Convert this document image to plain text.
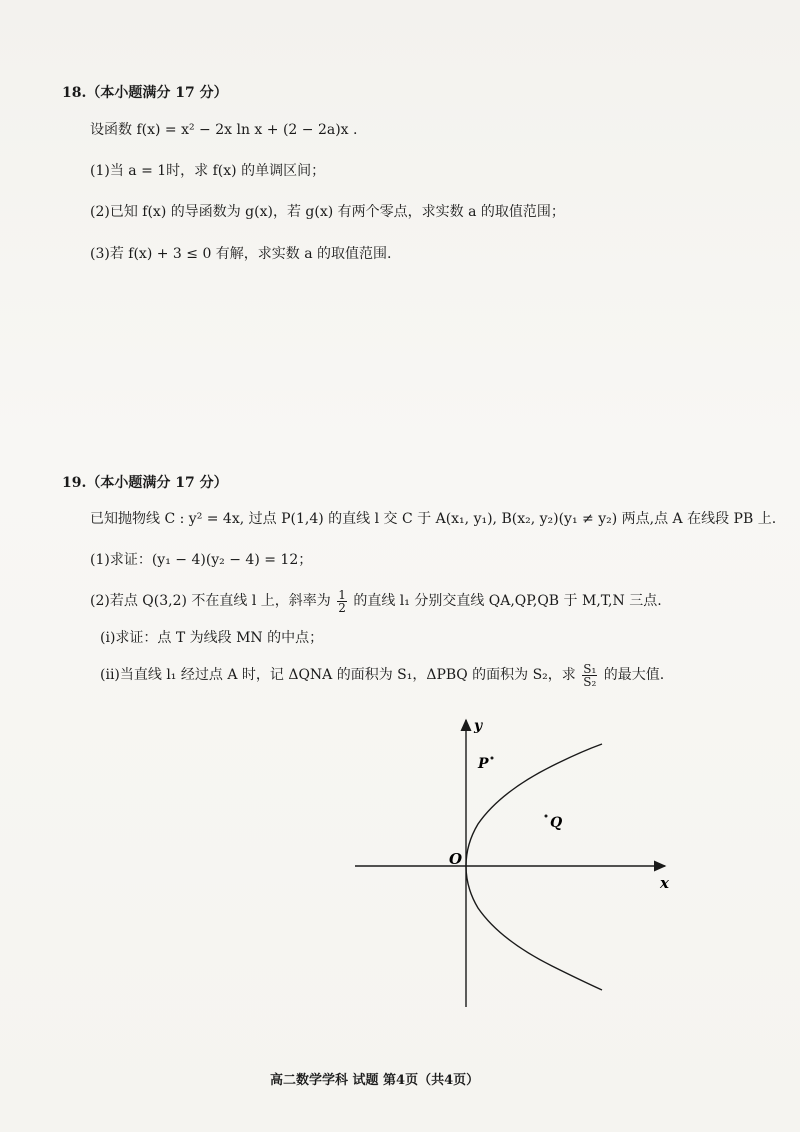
18.（本小题满分 17 分）
设函数 f(x) = x² − 2x ln x + (2 − 2a)x .
(1)当 a = 1时，求 f(x) 的单调区间；
(2)已知 f(x) 的导函数为 g(x)，若 g(x) 有两个零点，求实数 a 的取值范围；
(3)若 f(x) + 3 ≤ 0 有解，求实数 a 的取值范围.
19.（本小题满分 17 分）
已知抛物线 C : y² = 4x, 过点 P(1,4) 的直线 l 交 C 于 A(x₁, y₁), B(x₂, y₂)(y₁ ≠ y₂) 两点,点 A 在线段 PB 上.
(1)求证：(y₁ − 4)(y₂ − 4) = 12；
(2)若点 Q(3,2) 不在直线 l 上，斜率为 $\frac{1}{2}$ 的直线 l₁ 分别交直线 QA,QP,QB 于 M,T,N 三点.
(i)求证：点 T 为线段 MN 的中点；
(ii)当直线 l₁ 经过点 A 时，记 ΔQNA 的面积为 S₁，ΔPBQ 的面积为 S₂，求 $\frac{\text{S₁}}{\text{S₂}}$ 的最大值.
y
x
O
P
Q
高二数学学科 试题 第4页（共4页）
